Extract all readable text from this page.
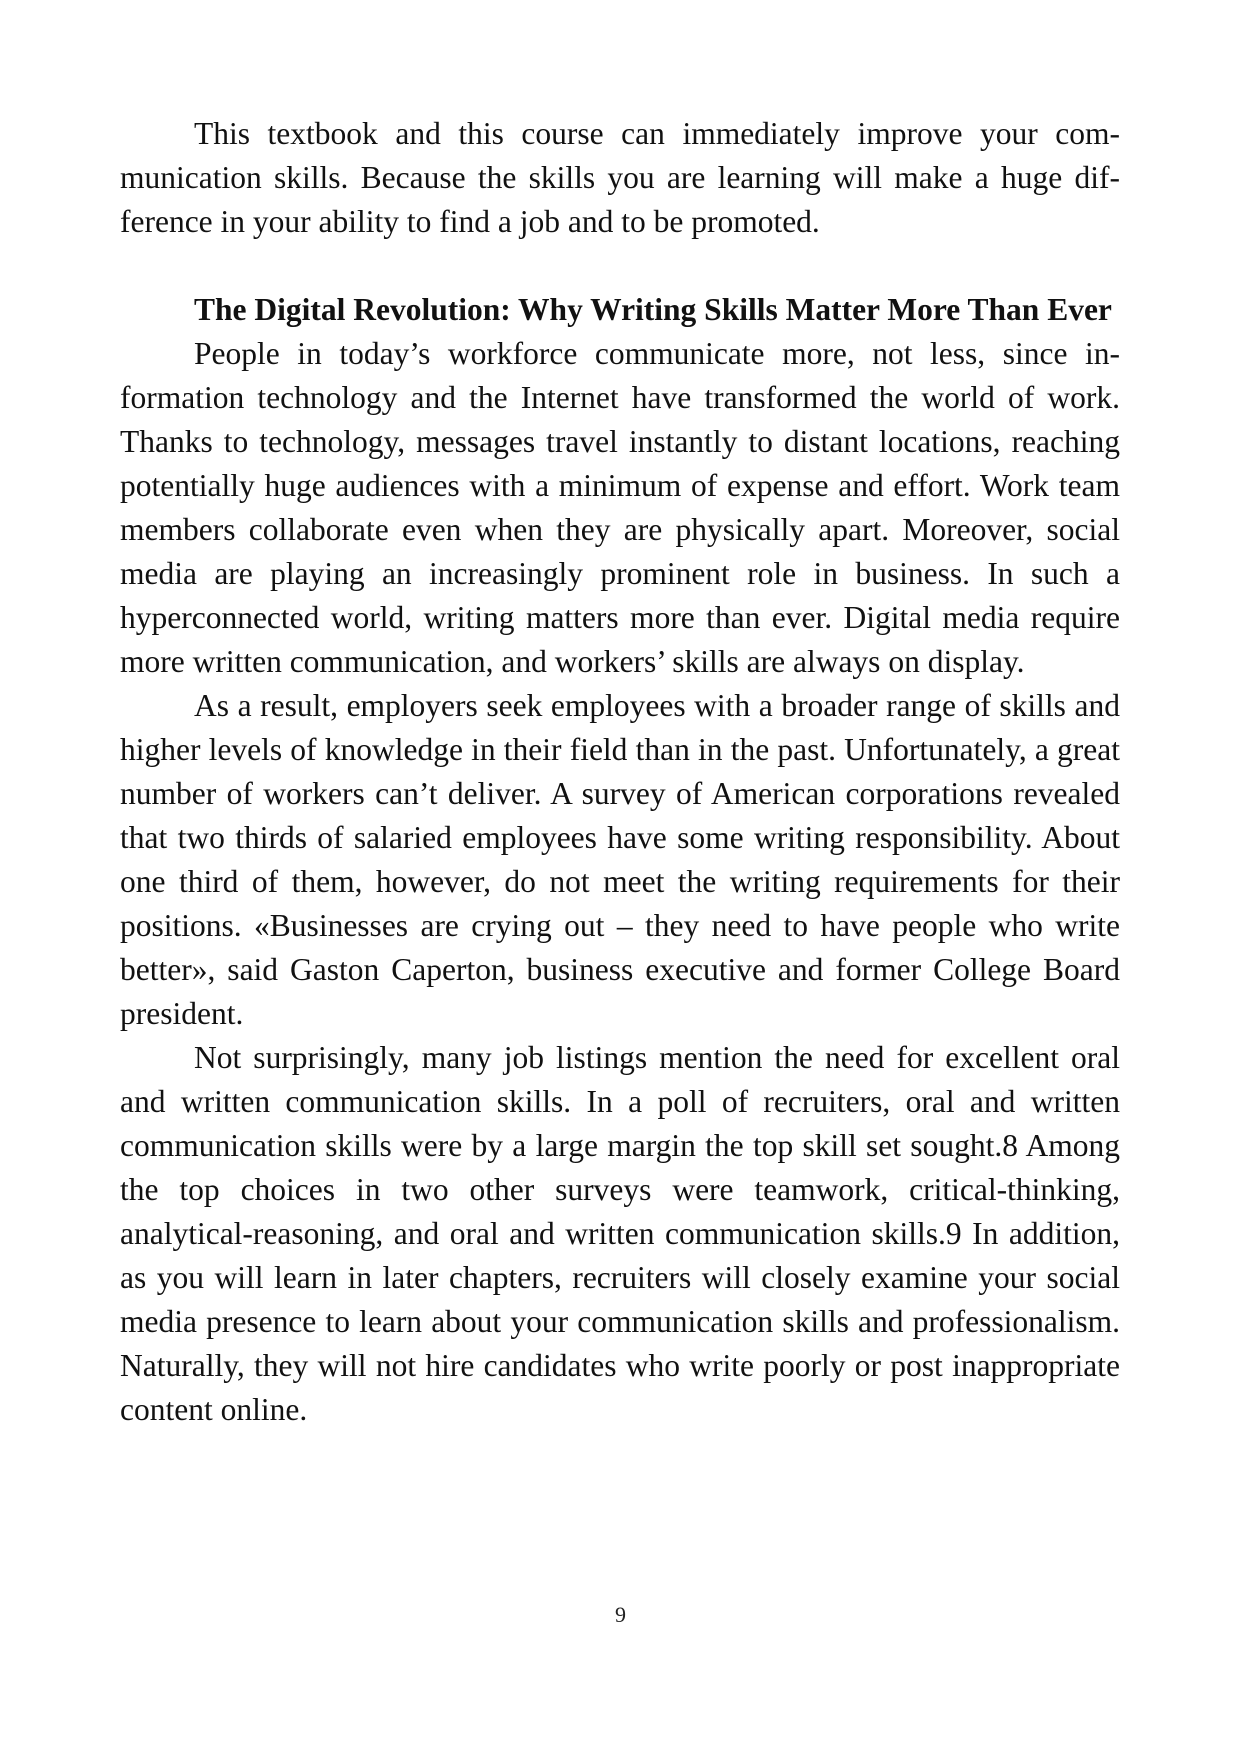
This textbook and this course can immediately improve your communication skills. Because the skills you are learning will make a huge difference in your ability to find a job and to be promoted.

The Digital Revolution: Why Writing Skills Matter More Than Ever

People in today’s workforce communicate more, not less, since information technology and the Internet have transformed the world of work. Thanks to technology, messages travel instantly to distant locations, reaching potentially huge audiences with a minimum of expense and effort. Work team members collaborate even when they are physically apart. Moreover, social media are playing an increasingly prominent role in business. In such a hyperconnected world, writing matters more than ever. Digital media require more written communication, and workers’ skills are always on display.

As a result, employers seek employees with a broader range of skills and higher levels of knowledge in their field than in the past. Unfortunately, a great number of workers can’t deliver. A survey of American corporations revealed that two thirds of salaried employees have some writing responsibility. About one third of them, however, do not meet the writing requirements for their positions. «Businesses are crying out – they need to have people who write better», said Gaston Caperton, business executive and former College Board president.

Not surprisingly, many job listings mention the need for excellent oral and written communication skills. In a poll of recruiters, oral and written communication skills were by a large margin the top skill set sought.8 Among the top choices in two other surveys were teamwork, critical-thinking, analytical-reasoning, and oral and written communication skills.9 In addition, as you will learn in later chapters, recruiters will closely examine your social media presence to learn about your communication skills and professionalism. Naturally, they will not hire candidates who write poorly or post inappropriate content online.

9
